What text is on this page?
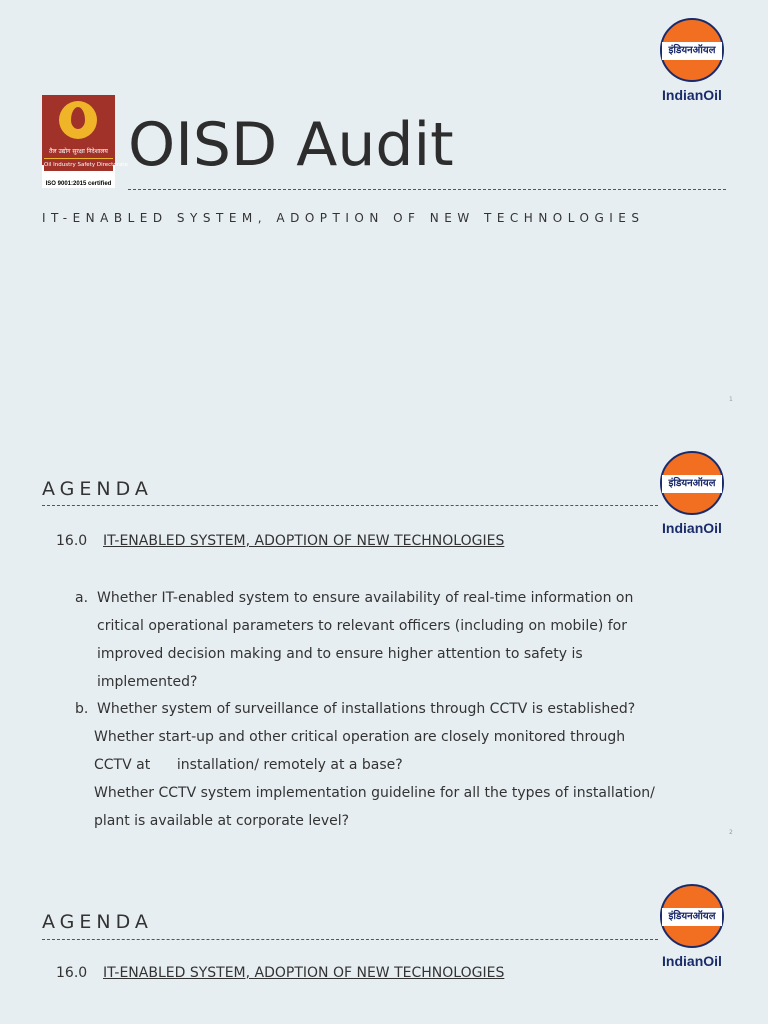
तैल उद्योग सुरक्षा निदेशालय
Oil Industry Safety Directorate
ISO 9001:2015 certified
इंडियनऑयल
IndianOil
OISD Audit
IT-ENABLED SYSTEM, ADOPTION OF NEW TECHNOLOGIES
1
इंडियनऑयल
IndianOil
AGENDA
16.0 IT-ENABLED SYSTEM, ADOPTION OF NEW TECHNOLOGIES
a. Whether IT-enabled system to ensure availability of real-time information on
critical operational parameters to relevant officers (including on mobile) for
improved decision making and to ensure higher attention to safety is
implemented?
b. Whether system of surveillance of installations through CCTV is established?
Whether start-up and other critical operation are closely monitored through
CCTV at      installation/ remotely at a base?
Whether CCTV system implementation guideline for all the types of installation/
plant is available at corporate level?
2
इंडियनऑयल
IndianOil
AGENDA
16.0 IT-ENABLED SYSTEM, ADOPTION OF NEW TECHNOLOGIES
